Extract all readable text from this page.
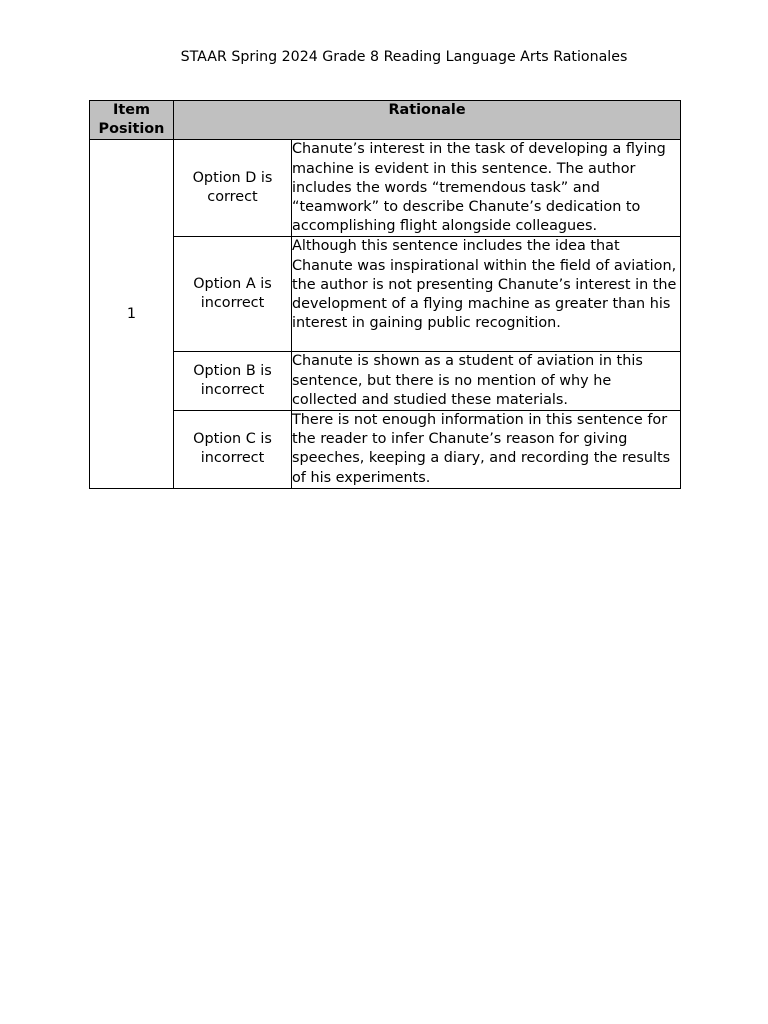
STAAR Spring 2024 Grade 8 Reading Language Arts Rationales
Item Position	Rationale	
1	Option D is correct	Chanute’s interest in the task of developing a flying machine is evident in this sentence. The author includes the words “tremendous task” and “teamwork” to describe Chanute’s dedication to accomplishing flight alongside colleagues.
	Option A is incorrect	Although this sentence includes the idea that Chanute was inspirational within the field of aviation, the author is not presenting Chanute’s interest in the development of a flying machine as greater than his interest in gaining public recognition.
	Option B is incorrect	Chanute is shown as a student of aviation in this sentence, but there is no mention of why he collected and studied these materials.
	Option C is incorrect	There is not enough information in this sentence for the reader to infer Chanute’s reason for giving speeches, keeping a diary, and recording the results of his experiments.
